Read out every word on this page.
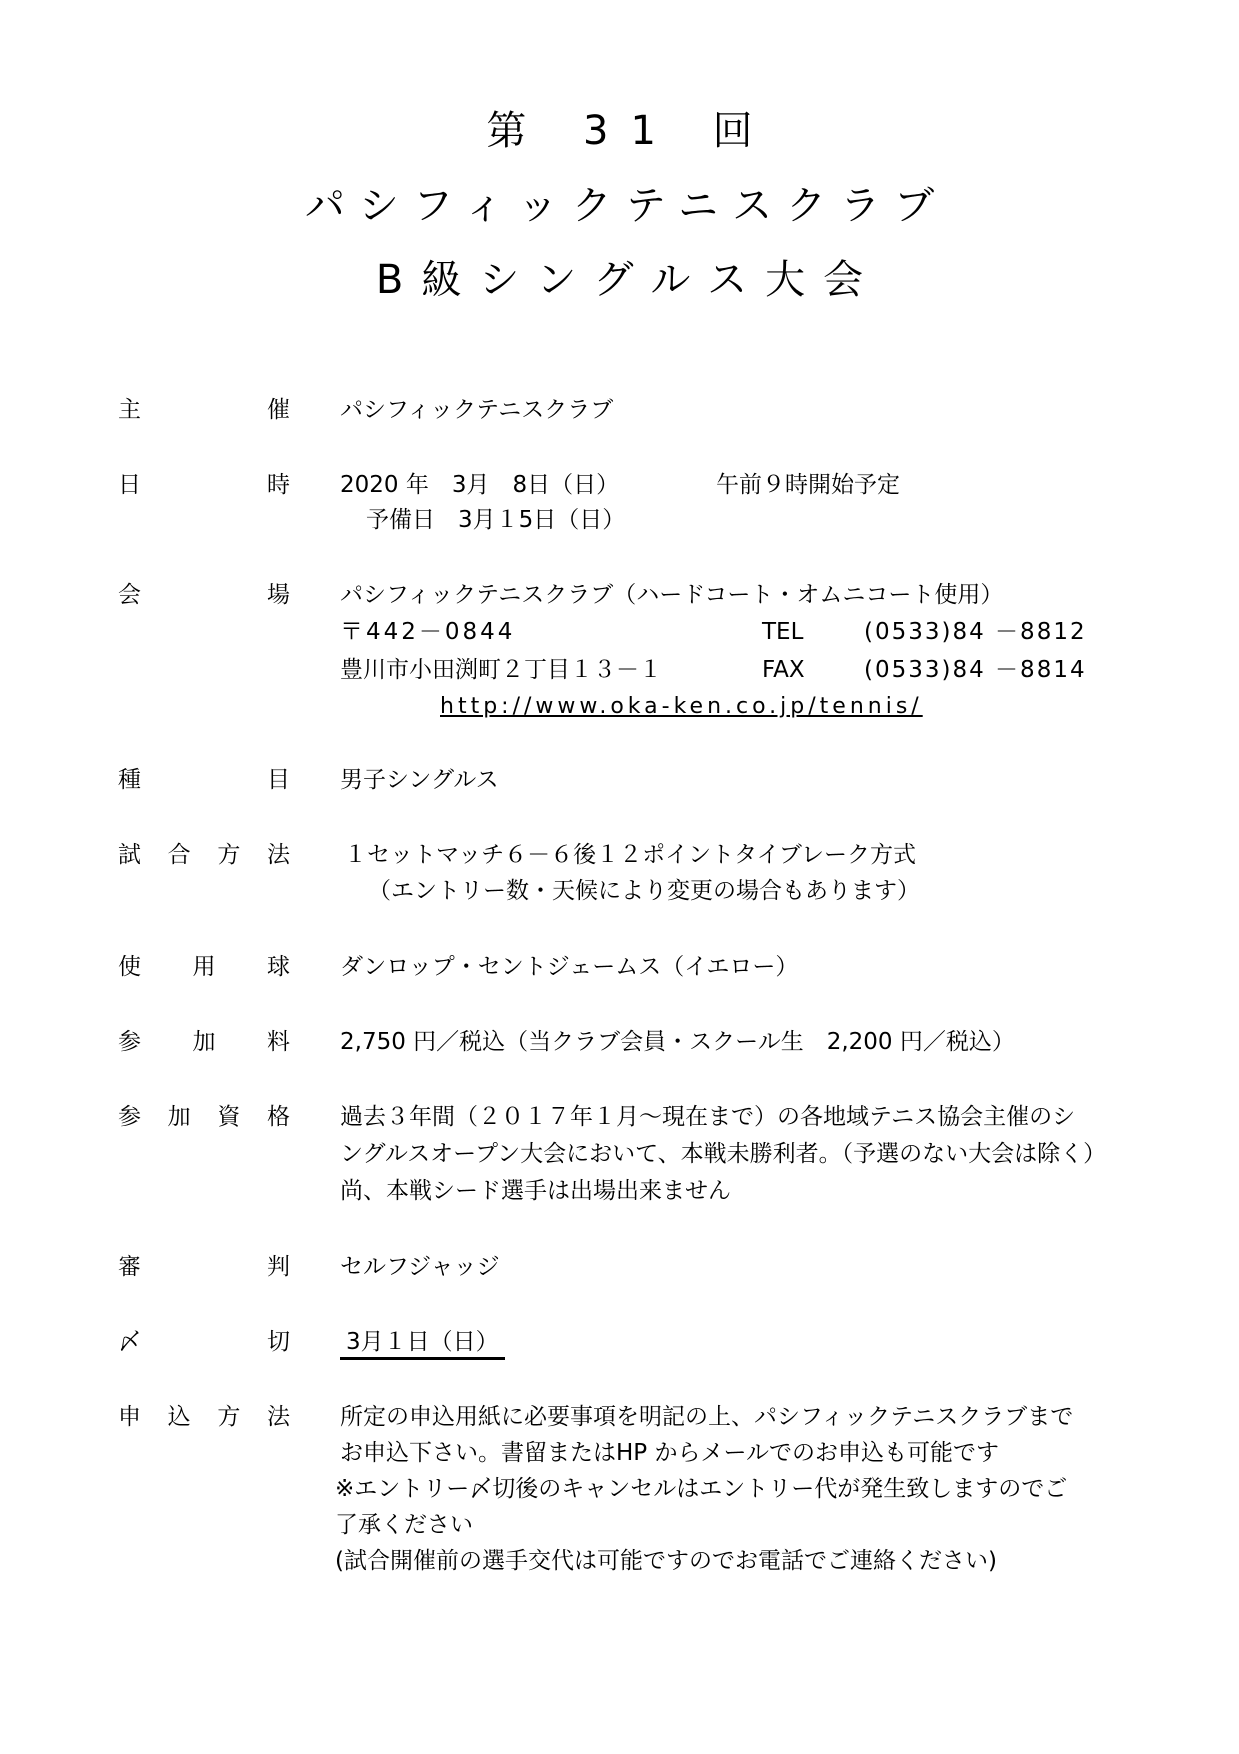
第 31 回
パシフィックテニスクラブ
B級シングルス大会
主	催 パシフィックテニスクラブ
日	時 2020 年　3月　8日（日）	午前９時開始予定
予備日　3月１5日（日）
会	場 パシフィックテニスクラブ（ハードコート・オムニコート使用）
〒442－0844	TEL	(0533)84 －8812
豊川市小田渕町２丁目１３－１	FAX	(0533)84 －8814
http://www.oka-ken.co.jp/tennis/
種	目 男子シングルス
試 合 方 法 １セットマッチ６－６後１２ポイントタイブレーク方式
（エントリー数・天候により変更の場合もあります）
使 用 球 ダンロップ・セントジェームス（イエロー）
参 加 料 2,750 円／税込（当クラブ会員・スクール生　2,200 円／税込）
参 加 資 格 過去３年間（２０１７年１月～現在まで）の各地域テニス協会主催のシ
ングルスオープン大会において、本戦未勝利者。（予選のない大会は除く）
尚、本戦シード選手は出場出来ません
審	判 セルフジャッジ
〆	切 3月１日（日）
申 込 方 法 所定の申込用紙に必要事項を明記の上、パシフィックテニスクラブまで
お申込下さい。書留またはHP からメールでのお申込も可能です
※エントリー〆切後のキャンセルはエントリー代が発生致しますのでご
了承ください
(試合開催前の選手交代は可能ですのでお電話でご連絡ください)
